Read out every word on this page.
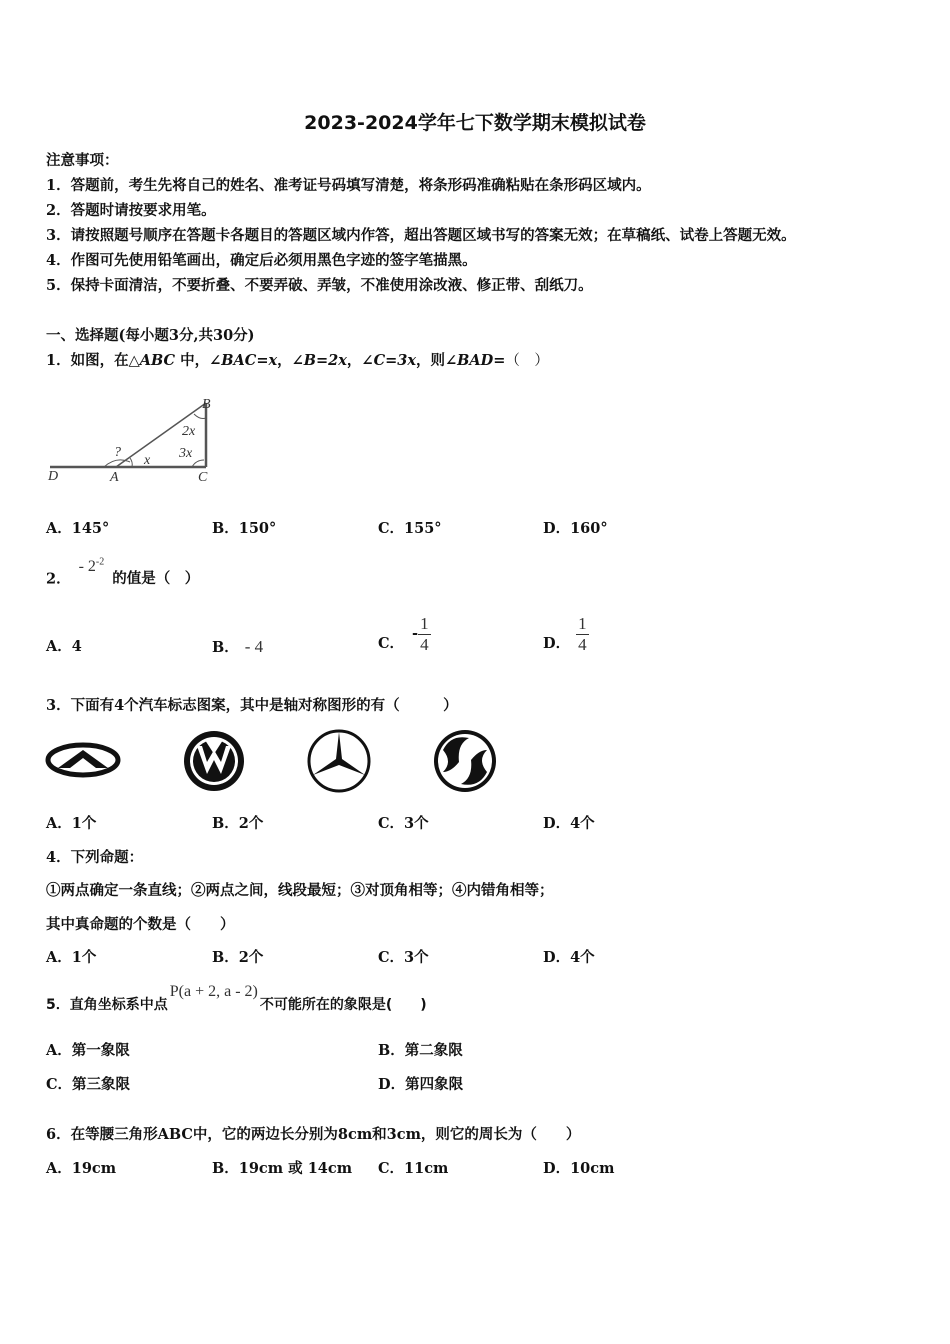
2023-2024学年七下数学期末模拟试卷
注意事项：
1．答题前，考生先将自己的姓名、准考证号码填写清楚，将条形码准确粘贴在条形码区域内。
2．答题时请按要求用笔。
3．请按照题号顺序在答题卡各题目的答题区域内作答，超出答题区域书写的答案无效；在草稿纸、试卷上答题无效。
4．作图可先使用铅笔画出，确定后必须用黑色字迹的签字笔描黑。
5．保持卡面清洁，不要折叠、不要弄破、弄皱，不准使用涂改液、修正带、刮纸刀。
一、选择题(每小题3分,共30分)
1．如图，在△ABC 中，∠BAC=x，∠B=2x，∠C=3x，则∠BAD=（　）
D	A
B
C
?
x
2x
3x
A．145°	B．150°	C．155°	D．160°
2．- $2^{-2}$的值是（　）
A．4	B． - 4	C．- $\frac{1}{4}$	D． $\frac{1}{4}$
3．下面有4个汽车标志图案，其中是轴对称图形的有（　　　）
A．1个	B．2个	C．3个	D．4个
4．下列命题：
①两点确定一条直线；②两点之间，线段最短；③对顶角相等；④内错角相等；
其中真命题的个数是（　　）
A．1个	B．2个	C．3个	D．4个
5．直角坐标系中点P(a + 2, a - 2)不可能所在的象限是(　　)
A．第一象限	B．第二象限
C．第三象限	D．第四象限
6．在等腰三角形ABC中，它的两边长分别为8cm和3cm，则它的周长为（　　）
A．19cm	B．19cm 或 14cm C．11cm	D．10cm
